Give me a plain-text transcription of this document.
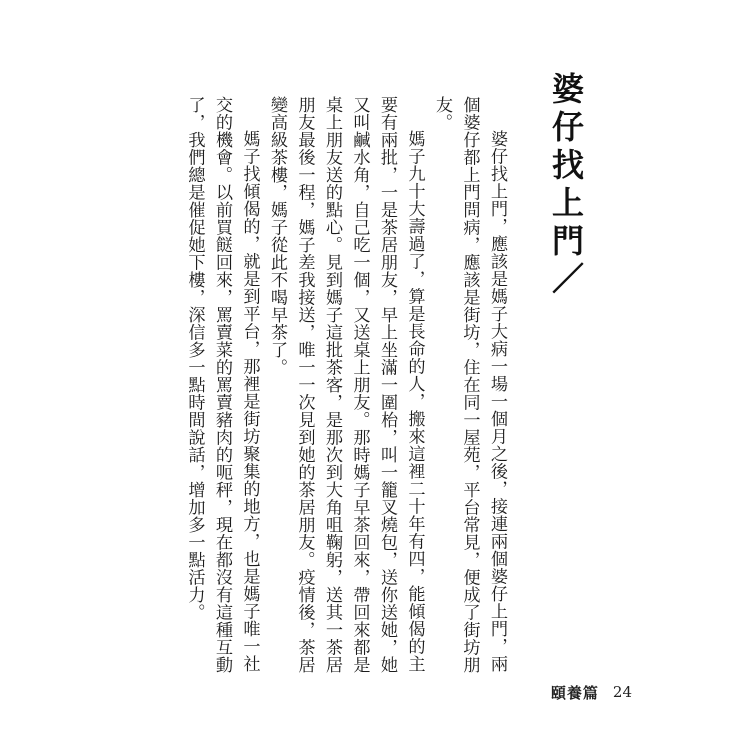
婆仔找上門／

婆仔找上門，應該是媽子大病一場一個月之後，接連兩個婆仔上門，兩個婆仔都上門問病，應該是街坊，住在同一屋苑，平台常見，便成了街坊朋友。

媽子九十大壽過了，算是長命的人，搬來這裡二十年有四，能傾偈的主要有兩批，一是茶居朋友，早上坐滿一圍枱，叫一籠叉燒包，送你送她，她又叫鹹水角，自己吃一個，又送桌上朋友。那時媽子早茶回來，帶回來都是桌上朋友送的點心。見到媽子這批茶客，是那次到大角咀鞠躬，送其一茶居朋友最後一程，媽子差我接送，唯一一次見到她的茶居朋友。疫情後，茶居變高級茶樓，媽子從此不喝早茶了。

媽子找傾偈的，就是到平台，那裡是街坊聚集的地方，也是媽子唯一社交的機會。以前買餸回來，罵賣菜的罵賣豬肉的呃秤，現在都沒有這種互動了，我們總是催促她下樓，深信多一點時間說話，增加多一點活力。

頤養篇 24
